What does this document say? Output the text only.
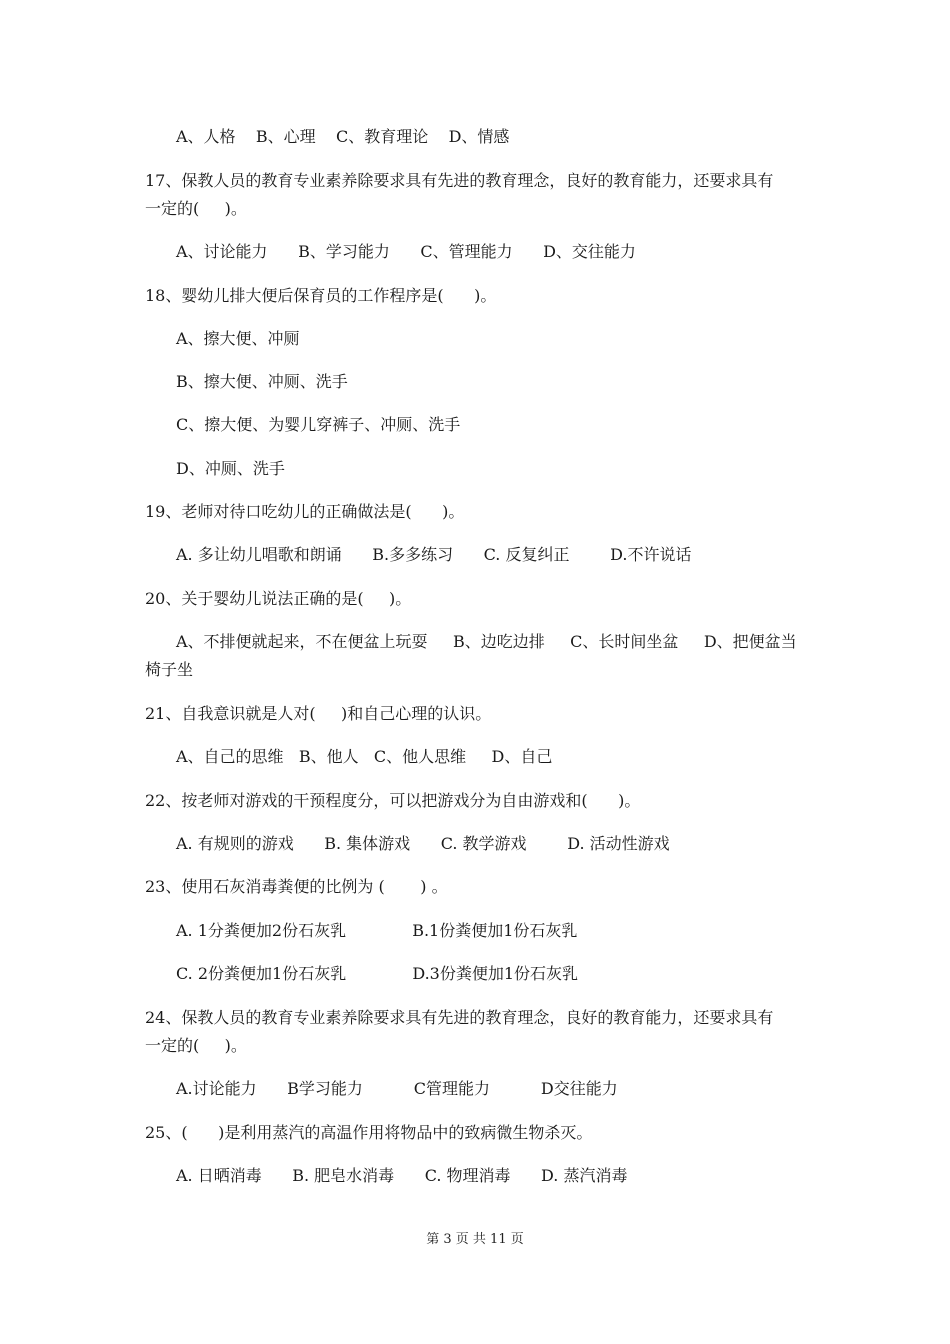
A、人格    B、心理    C、教育理论    D、情感
17、保教人员的教育专业素养除要求具有先进的教育理念，良好的教育能力，还要求具有
一定的(     )。
A、讨论能力      B、学习能力      C、管理能力      D、交往能力
18、婴幼儿排大便后保育员的工作程序是(      )。
A、擦大便、冲厕
B、擦大便、冲厕、洗手
C、擦大便、为婴儿穿裤子、冲厕、洗手
D、冲厕、洗手
19、老师对待口吃幼儿的正确做法是(      )。
A. 多让幼儿唱歌和朗诵      B.多多练习      C. 反复纠正        D.不许说话
20、关于婴幼儿说法正确的是(     )。
A、不排便就起来，不在便盆上玩耍     B、边吃边排     C、长时间坐盆     D、把便盆当
椅子坐
21、自我意识就是人对(     )和自己心理的认识。
A、自己的思维   B、他人   C、他人思维     D、自己
22、按老师对游戏的干预程度分，可以把游戏分为自由游戏和(      )。
A. 有规则的游戏      B. 集体游戏      C. 教学游戏        D. 活动性游戏
23、使用石灰消毒粪便的比例为 (       ) 。
A. 1分粪便加2份石灰乳             B.1份粪便加1份石灰乳
C. 2份粪便加1份石灰乳             D.3份粪便加1份石灰乳
24、保教人员的教育专业素养除要求具有先进的教育理念，良好的教育能力，还要求具有
一定的(     )。
A.讨论能力      B学习能力          C管理能力          D交往能力
25、(      )是利用蒸汽的高温作用将物品中的致病微生物杀灭。
A. 日晒消毒      B. 肥皂水消毒      C. 物理消毒      D. 蒸汽消毒
第 3 页 共 11 页
